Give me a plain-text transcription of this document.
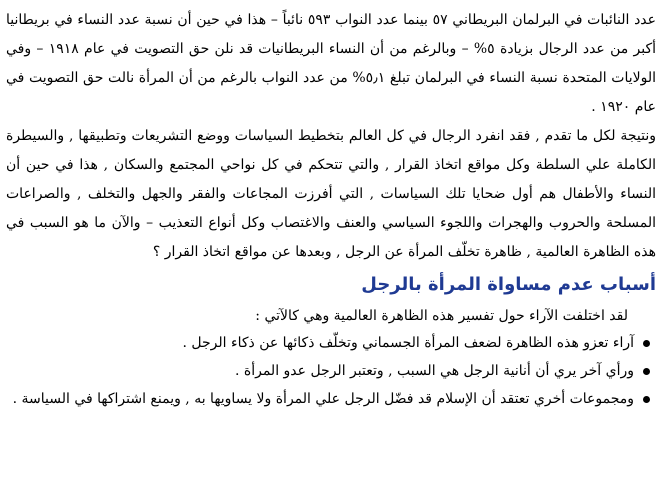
عدد النائبات في البرلمان البريطاني ٥٧ بينما عدد النواب ٥٩٣ نائباً – هذا في حين أن نسبة عدد النساء في بريطانيا أكبر من عدد الرجال بزيادة ٥% – وبالرغم من أن النساء البريطانيات قد نلن حق التصويت في عام ١٩١٨ – وفي الولايات المتحدة نسبة النساء في البرلمان تبلغ ٥٫١% من عدد النواب بالرغم من أن المرأة نالت حق التصويت في عام ١٩٢٠ .

ونتيجة لكل ما تقدم , فقد انفرد الرجال في كل العالم بتخطيط السياسات ووضع التشريعات وتطبيقها , والسيطرة الكاملة علي السلطة وكل مواقع اتخاذ القرار , والتي تتحكم في كل نواحي المجتمع والسكان , هذا في حين أن النساء والأطفال هم أول ضحايا تلك السياسات , التي أفرزت المجاعات والفقر والجهل والتخلف , والصراعات المسلحة والحروب والهجرات واللجوء السياسي والعنف والاغتصاب وكل أنواع التعذيب – والآن ما هو السبب في هذه الظاهرة العالمية , ظاهرة تخلّف المرأة عن الرجل , وبعدها عن مواقع اتخاذ القرار ؟

أسباب عدم مساواة المرأة بالرجل
لقد اختلفت الآراء حول تفسير هذه الظاهرة العالمية وهي كالآتي :
آراء تعزو هذه الظاهرة لضعف المرأة الجسماني وتخلّف ذكائها عن ذكاء الرجل .
ورأي آخر يري أن أنانية الرجل هي السبب , وتعتبر الرجل عدو المرأة .
ومجموعات أخري تعتقد أن الإسلام قد فضّل الرجل علي المرأة ولا يساويها به , ويمنع اشتراكها في السياسة .
